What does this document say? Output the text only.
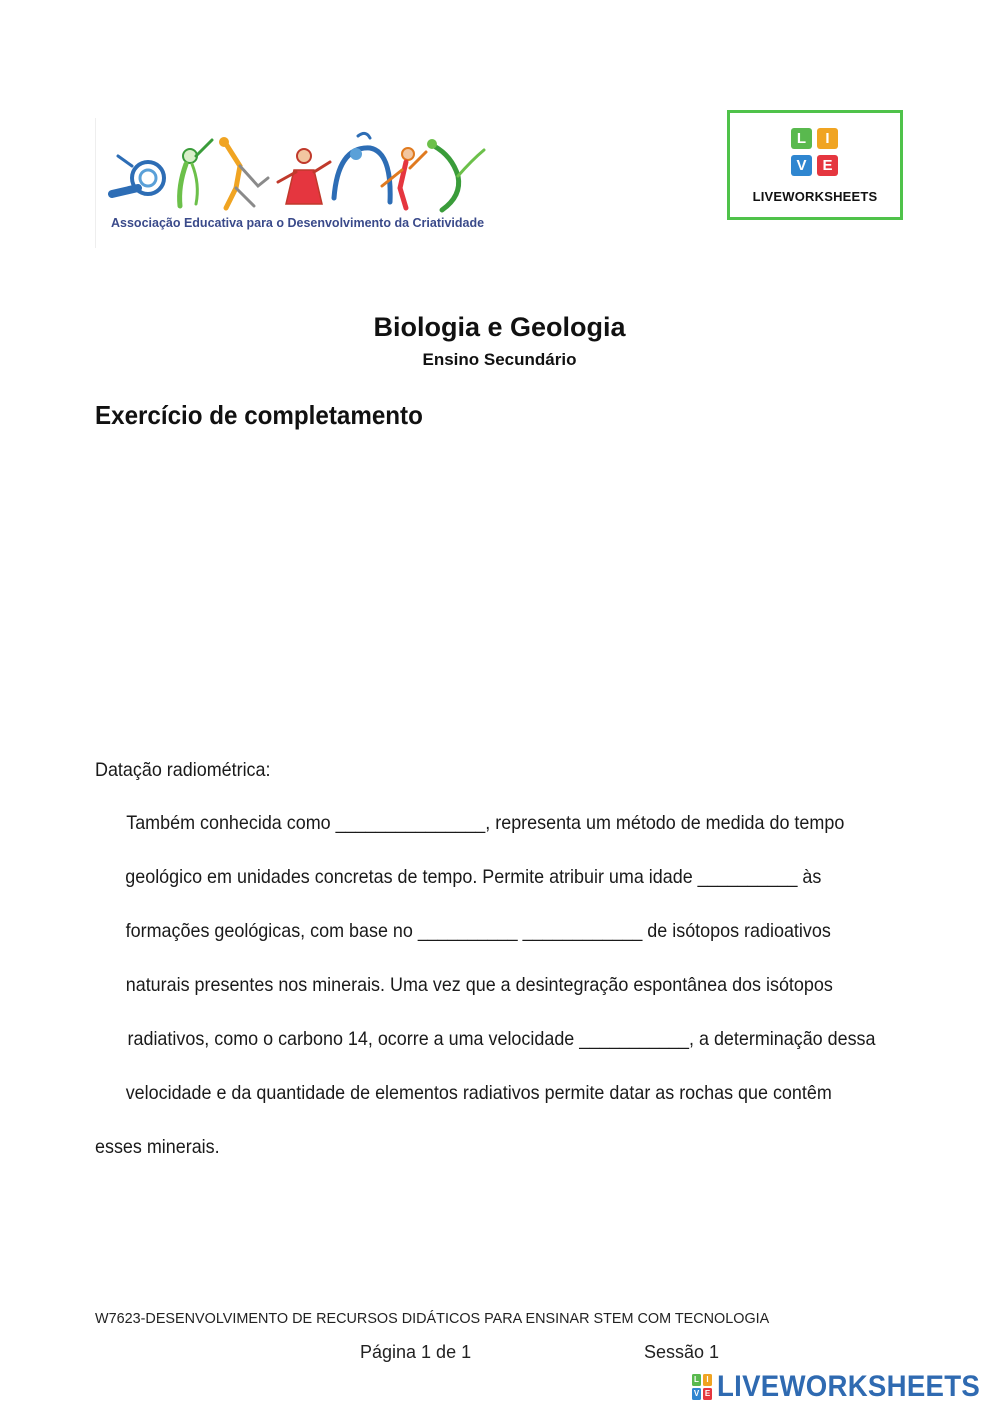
Associação Educativa para o Desenvolvimento da Criatividade
L	I
V	E
LIVEWORKSHEETS
Biologia e Geologia
Ensino Secundário
Exercício de completamento
Datação radiométrica:
Também conhecida como _______________, representa um método de medida do tempo
geológico em unidades concretas de tempo. Permite atribuir uma idade __________ às
formações geológicas, com base no __________ ____________ de isótopos radioativos
naturais presentes nos minerais. Uma vez que a desintegração espontânea dos isótopos
radiativos, como o carbono 14, ocorre a uma velocidade ___________, a determinação dessa
velocidade e da quantidade de elementos radiativos permite datar as rochas que contêm
esses minerais.
W7623-DESENVOLVIMENTO DE RECURSOS DIDÁTICOS PARA ENSINAR STEM COM TECNOLOGIA
Página 1 de 1	Sessão 1
L I
V E LIVEWORKSHEETS
